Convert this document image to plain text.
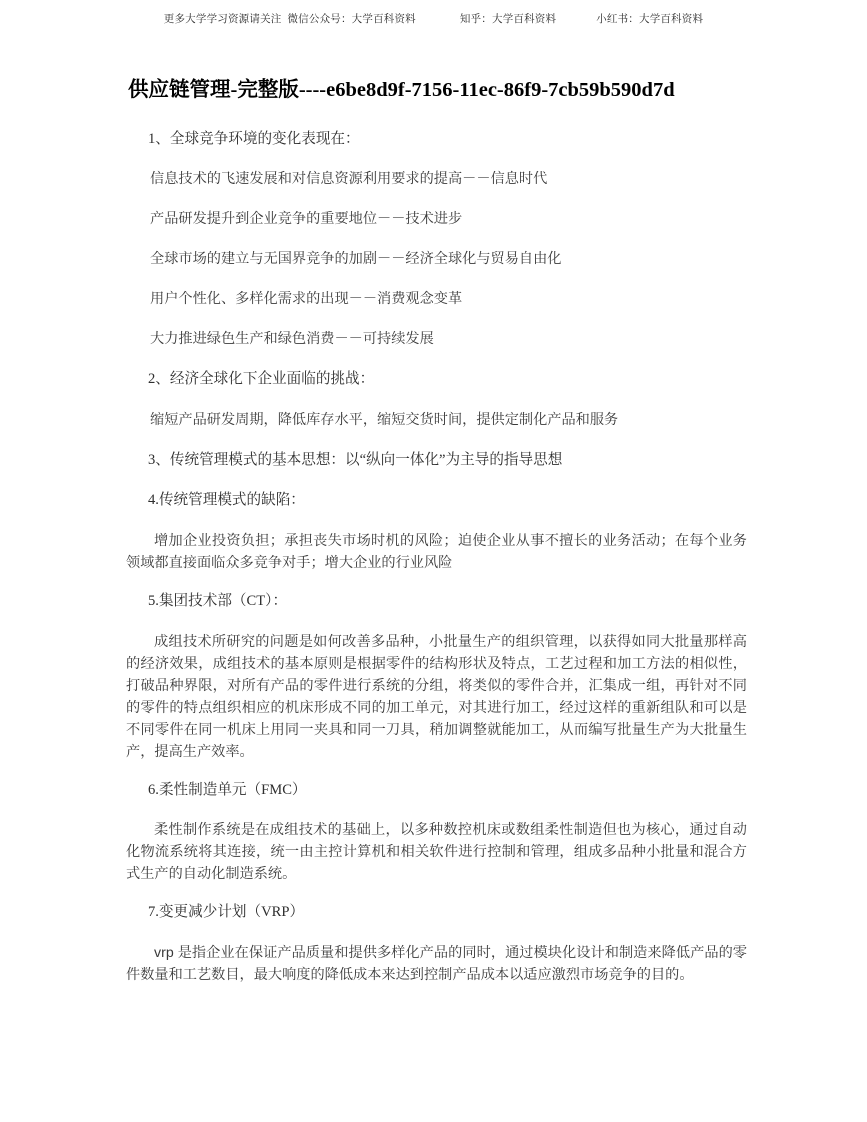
更多大学学习资源请关注 微信公众号：大学百科资料	知乎：大学百科资料	小红书：大学百科资料
供应链管理-完整版----e6be8d9f-7156-11ec-86f9-7cb59b590d7d

1、全球竞争环境的变化表现在：

信息技术的飞速发展和对信息资源利用要求的提高－－信息时代

产品研发提升到企业竞争的重要地位－－技术进步

全球市场的建立与无国界竞争的加剧－－经济全球化与贸易自由化

用户个性化、多样化需求的出现－－消费观念变革

大力推进绿色生产和绿色消费－－可持续发展

2、经济全球化下企业面临的挑战：

缩短产品研发周期，降低库存水平，缩短交货时间，提供定制化产品和服务

3、传统管理模式的基本思想：以“纵向一体化”为主导的指导思想

4.传统管理模式的缺陷：

增加企业投资负担；承担丧失市场时机的风险；迫使企业从事不擅长的业务活动；在每个业务领域都直接面临众多竞争对手；增大企业的行业风险

5.集团技术部（CT）：

成组技术所研究的问题是如何改善多品种，小批量生产的组织管理，以获得如同大批量那样高的经济效果，成组技术的基本原则是根据零件的结构形状及特点，工艺过程和加工方法的相似性，打破品种界限，对所有产品的零件进行系统的分组，将类似的零件合并，汇集成一组，再针对不同的零件的特点组织相应的机床形成不同的加工单元，对其进行加工，经过这样的重新组队和可以是不同零件在同一机床上用同一夹具和同一刀具，稍加调整就能加工，从而编写批量生产为大批量生产，提高生产效率。

6.柔性制造单元（FMC）

柔性制作系统是在成组技术的基础上，以多种数控机床或数组柔性制造但也为核心，通过自动化物流系统将其连接，统一由主控计算机和相关软件进行控制和管理，组成多品种小批量和混合方式生产的自动化制造系统。

7.变更减少计划（VRP）

vrp 是指企业在保证产品质量和提供多样化产品的同时，通过模块化设计和制造来降低产品的零件数量和工艺数目，最大响度的降低成本来达到控制产品成本以适应激烈市场竞争的目的。
